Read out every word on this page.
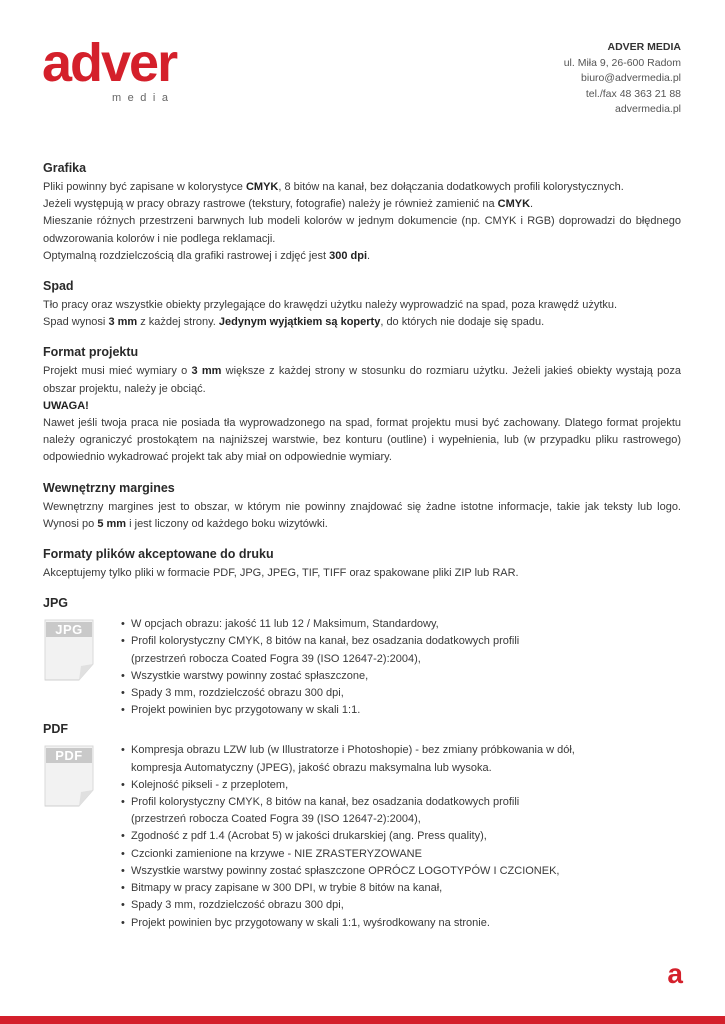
adver
media
ADVER MEDIA
ul. Miła 9, 26-600 Radom
biuro@advermedia.pl
tel./fax 48 363 21 88
advermedia.pl
Grafika
Pliki powinny być zapisane w kolorystyce CMYK, 8 bitów na kanał, bez dołączania dodatkowych profili kolorystycznych.
Jeżeli występują w pracy obrazy rastrowe (tekstury, fotografie) należy je również zamienić na CMYK.
Mieszanie różnych przestrzeni barwnych lub modeli kolorów w jednym dokumencie (np. CMYK i RGB) doprowadzi do błędnego odwzorowania kolorów i nie podlega reklamacji.
Optymalną rozdzielczością dla grafiki rastrowej i zdjęć jest 300 dpi.
Spad
Tło pracy oraz wszystkie obiekty przylegające do krawędzi użytku należy wyprowadzić na spad, poza krawędź użytku.
Spad wynosi 3 mm z każdej strony. Jedynym wyjątkiem są koperty, do których nie dodaje się spadu.
Format projektu
Projekt musi mieć wymiary o 3 mm większe z każdej strony w stosunku do rozmiaru użytku. Jeżeli jakieś obiekty wystają poza obszar projektu, należy je obciąć.
UWAGA!
Nawet jeśli twoja praca nie posiada tła wyprowadzonego na spad, format projektu musi być zachowany. Dlatego format projektu należy ograniczyć prostokątem na najniższej warstwie, bez konturu (outline) i wypełnienia, lub (w przypadku pliku rastrowego) odpowiednio wykadrować projekt tak aby miał on odpowiednie wymiary.
Wewnętrzny margines
Wewnętrzny margines jest to obszar, w którym nie powinny znajdować się żadne istotne informacje, takie jak teksty lub logo. Wynosi po 5 mm i jest liczony od każdego boku wizytówki.
Formaty plików akceptowane do druku
Akceptujemy tylko pliki w formacie PDF, JPG, JPEG, TIF, TIFF oraz spakowane pliki ZIP lub RAR.
JPG
JPG	• W opcjach obrazu: jakość 11 lub 12 / Maksimum, Standardowy,
• Profil kolorystyczny CMYK, 8 bitów na kanał, bez osadzania dodatkowych profili
(przestrzeń robocza Coated Fogra 39 (ISO 12647-2):2004),
• Wszystkie warstwy powinny zostać spłaszczone,
• Spady 3 mm, rozdzielczość obrazu 300 dpi,
• Projekt powinien byc przygotowany w skali 1:1.
PDF
PDF	• Kompresja obrazu LZW lub (w Illustratorze i Photoshopie) - bez zmiany próbkowania w dół,
kompresja Automatyczny (JPEG), jakość obrazu maksymalna lub wysoka.
• Kolejność pikseli - z przeplotem,
• Profil kolorystyczny CMYK, 8 bitów na kanał, bez osadzania dodatkowych profili
(przestrzeń robocza Coated Fogra 39 (ISO 12647-2):2004),
• Zgodność z pdf 1.4 (Acrobat 5) w jakości drukarskiej (ang. Press quality),
• Czcionki zamienione na krzywe - NIE ZRASTERYZOWANE
• Wszystkie warstwy powinny zostać spłaszczone OPRÓCZ LOGOTYPÓW I CZCIONEK,
• Bitmapy w pracy zapisane w 300 DPI, w trybie 8 bitów na kanał,
• Spady 3 mm, rozdzielczość obrazu 300 dpi,
• Projekt powinien byc przygotowany w skali 1:1, wyśrodkowany na stronie.
a
